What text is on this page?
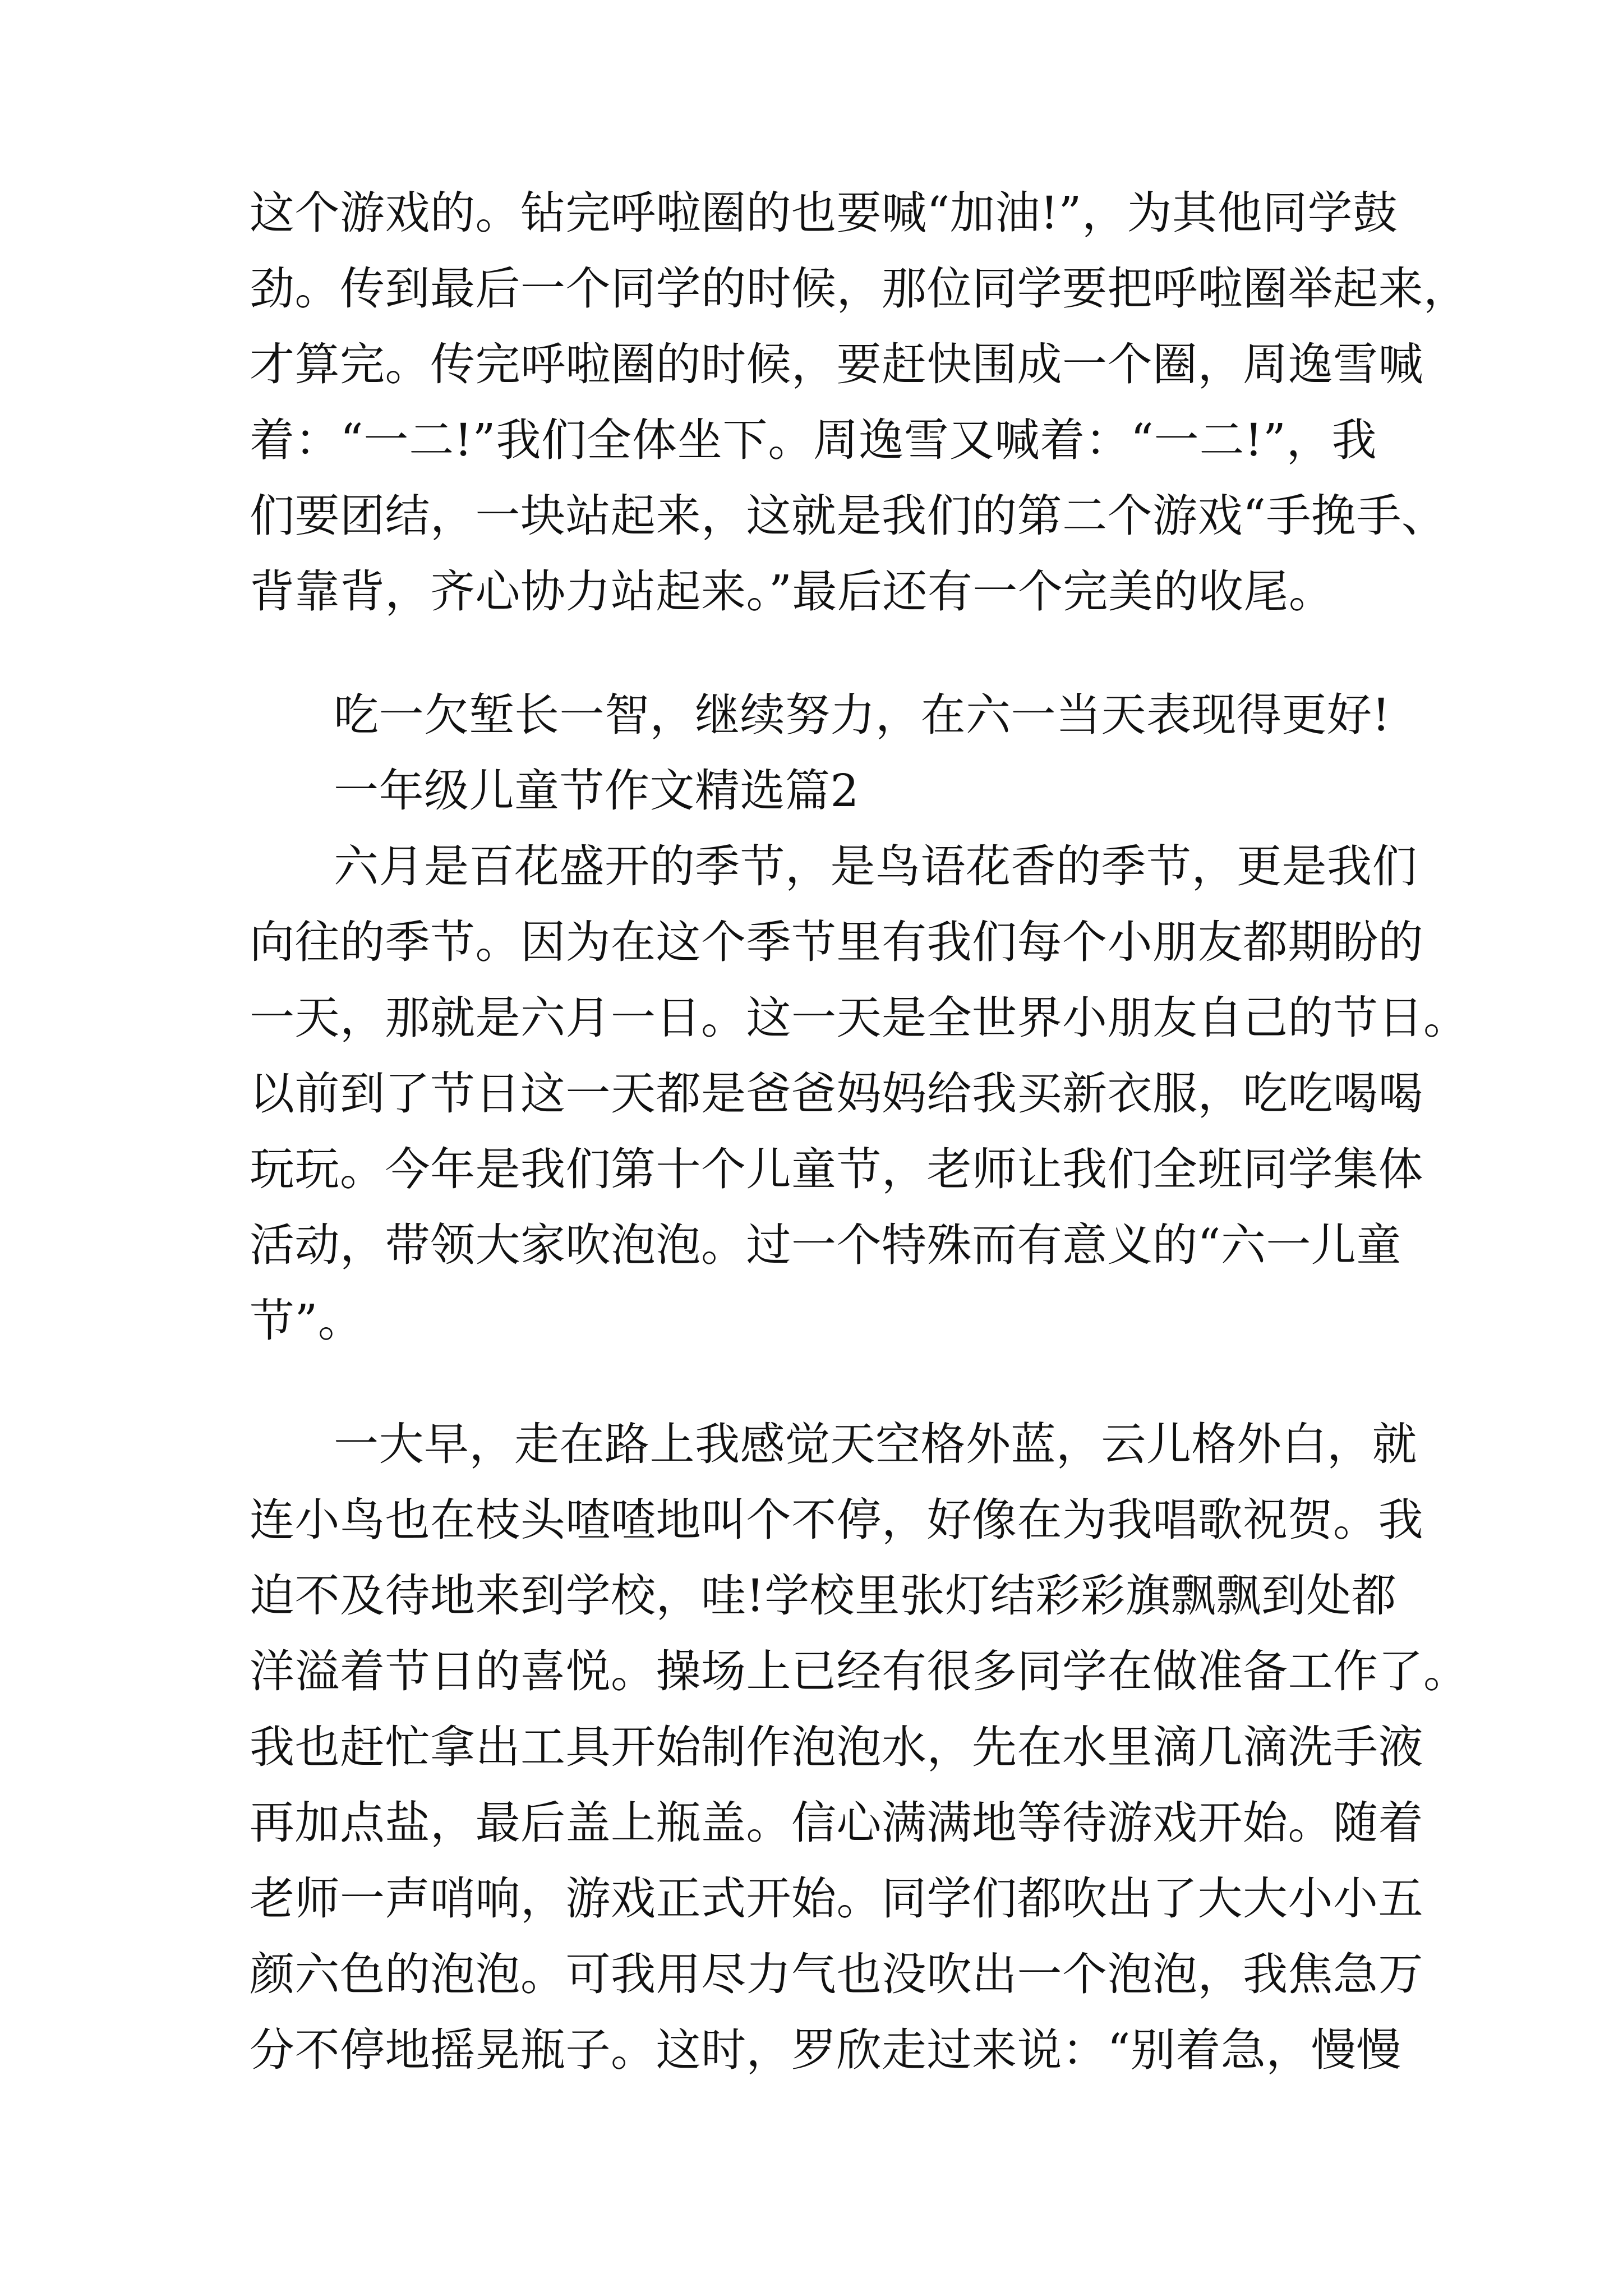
这个游戏的。钻完呼啦圈的也要喊“加油!”，为其他同学鼓
劲。传到最后一个同学的时候，那位同学要把呼啦圈举起来，
才算完。传完呼啦圈的时候，要赶快围成一个圈，周逸雪喊
着：“一二!”我们全体坐下。周逸雪又喊着：“一二!”，我
们要团结，一块站起来，这就是我们的第二个游戏“手挽手、
背靠背，齐心协力站起来。”最后还有一个完美的收尾。
吃一欠堑长一智，继续努力，在六一当天表现得更好!
一年级儿童节作文精选篇2
六月是百花盛开的季节，是鸟语花香的季节，更是我们
向往的季节。因为在这个季节里有我们每个小朋友都期盼的
一天，那就是六月一日。这一天是全世界小朋友自己的节日。
以前到了节日这一天都是爸爸妈妈给我买新衣服，吃吃喝喝
玩玩。今年是我们第十个儿童节，老师让我们全班同学集体
活动，带领大家吹泡泡。过一个特殊而有意义的“六一儿童
节”。
一大早，走在路上我感觉天空格外蓝，云儿格外白，就
连小鸟也在枝头喳喳地叫个不停，好像在为我唱歌祝贺。我
迫不及待地来到学校，哇!学校里张灯结彩彩旗飘飘到处都
洋溢着节日的喜悦。操场上已经有很多同学在做准备工作了。
我也赶忙拿出工具开始制作泡泡水，先在水里滴几滴洗手液
再加点盐，最后盖上瓶盖。信心满满地等待游戏开始。随着
老师一声哨响，游戏正式开始。同学们都吹出了大大小小五
颜六色的泡泡。可我用尽力气也没吹出一个泡泡，我焦急万
分不停地摇晃瓶子。这时，罗欣走过来说：“别着急，慢慢
